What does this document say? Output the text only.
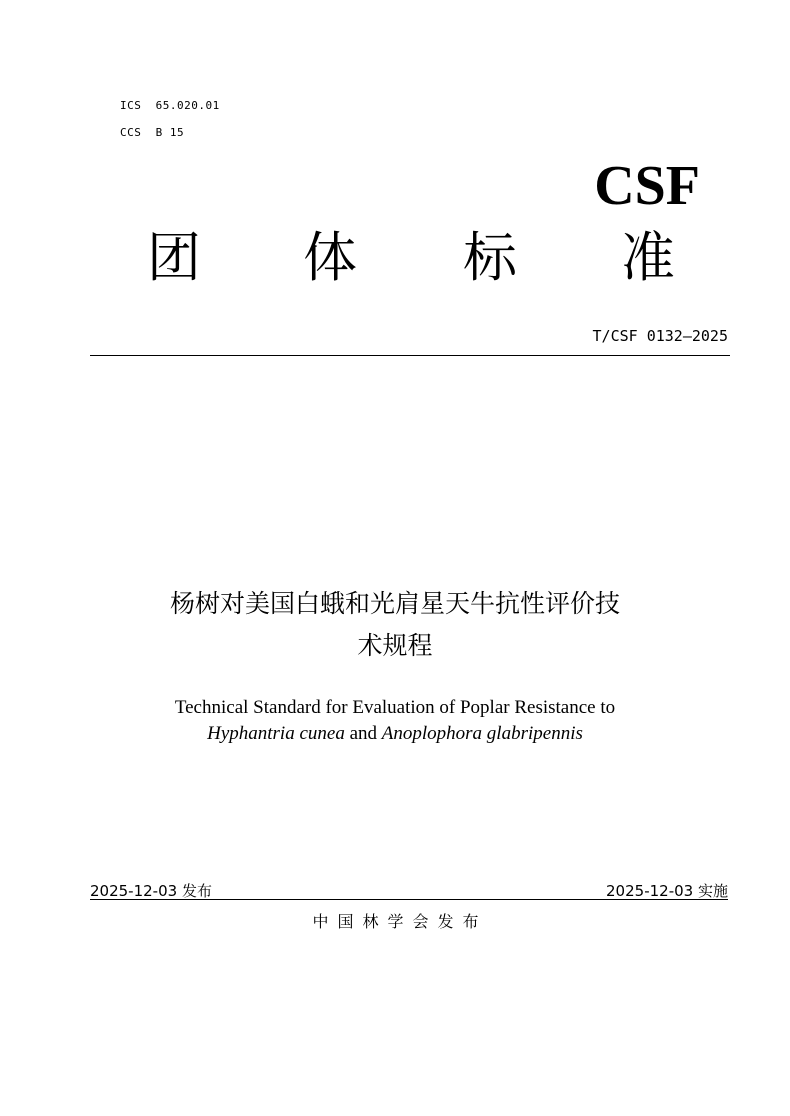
ICS 65.020.01
CCS B 15
CSF
团 体 标 准
T/CSF 0132—2025
杨树对美国白蛾和光肩星天牛抗性评价技
术规程
Technical Standard for Evaluation of Poplar Resistance to
Hyphantria cunea and Anoplophora glabripennis
2025-12-03 发布	2025-12-03 实施
中国林学会发布
